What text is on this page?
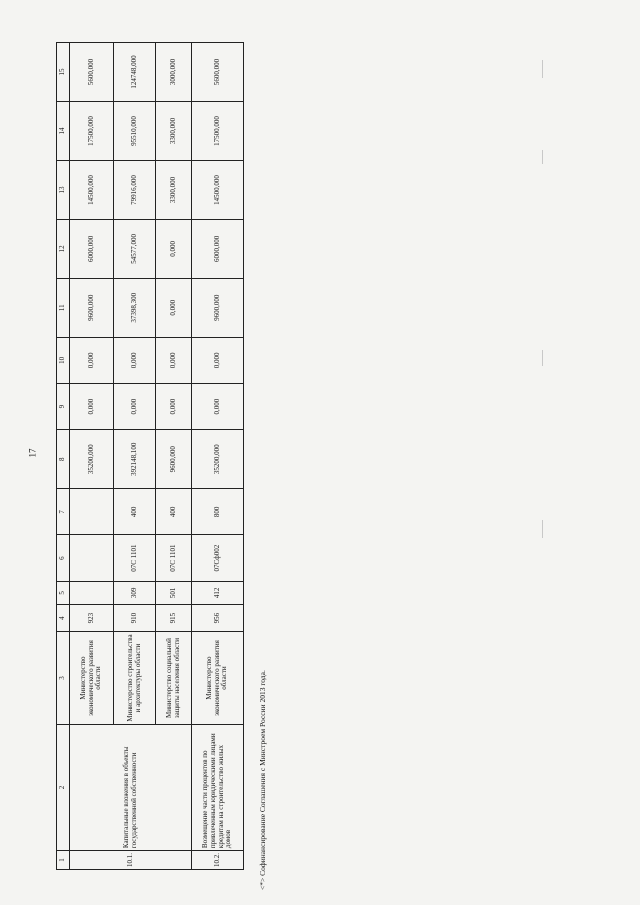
17
1	2	3	4	5	6	7	8	9	10	11	12	13	14	15
10.1.	Капитальные вложения в объекты государственной собственности	Министерство экономического развития области	923				35200,000	0,000	0,000	9600,000	6000,000	14500,000	17500,000	5600,000
		Министерство строительства и архитектуры области	910	309	07С 1101	400	392148,100	0,000	0,000	37398,300	54577,000	79916,000	95510,000	124748,000
		Министерство социальной защиты населения области	915	501	07С 1101	400	9600,000	0,000	0,000	0,000	0,000	3300,000	3300,000	3000,000
10.2.	Возмещение части процентов по привлеченным юридическими лицами кредитам на строительство жилых домов	Министерство экономического развития области	956	412	07Сф002	800	35200,000	0,000	0,000	9600,000	6000,000	14500,000	17500,000	5600,000
<*> Софинансирование Соглашения с Минстроем России 2013 года.
